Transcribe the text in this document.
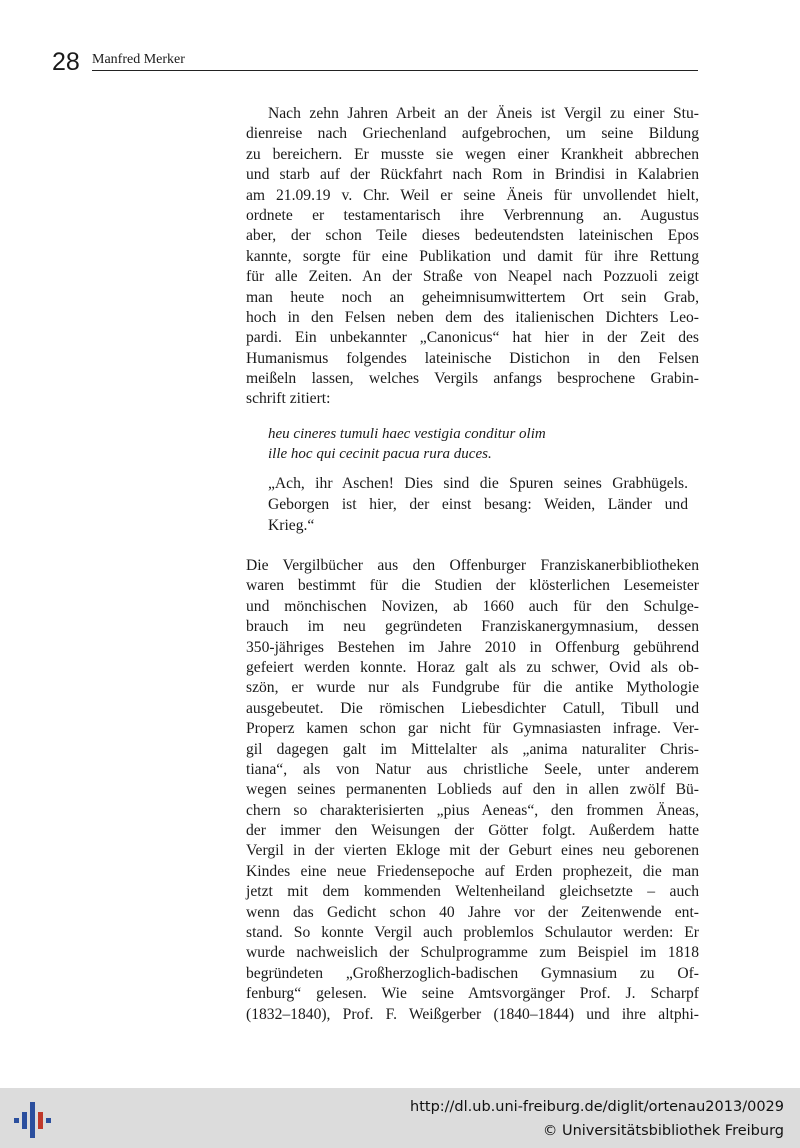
28 Manfred Merker
Nach zehn Jahren Arbeit an der Äneis ist Vergil zu einer Stu-
dienreise nach Griechenland aufgebrochen, um seine Bildung
zu bereichern. Er musste sie wegen einer Krankheit abbrechen
und starb auf der Rückfahrt nach Rom in Brindisi in Kalabrien
am 21.09.19 v. Chr. Weil er seine Äneis für unvollendet hielt,
ordnete er testamentarisch ihre Verbrennung an. Augustus
aber, der schon Teile dieses bedeutendsten lateinischen Epos
kannte, sorgte für eine Publikation und damit für ihre Rettung
für alle Zeiten. An der Straße von Neapel nach Pozzuoli zeigt
man heute noch an geheimnisumwittertem Ort sein Grab,
hoch in den Felsen neben dem des italienischen Dichters Leo-
pardi. Ein unbekannter „Canonicus“ hat hier in der Zeit des
Humanismus folgendes lateinische Distichon in den Felsen
meißeln lassen, welches Vergils anfangs besprochene Grabin-
schrift zitiert:
heu cineres tumuli haec vestigia conditur olim
ille hoc qui cecinit pacua rura duces.
„Ach, ihr Aschen! Dies sind die Spuren seines Grabhügels.
Geborgen ist hier, der einst besang: Weiden, Länder und
Krieg.“
Die Vergilbücher aus den Offenburger Franziskanerbibliotheken
waren bestimmt für die Studien der klösterlichen Lesemeister
und mönchischen Novizen, ab 1660 auch für den Schulge-
brauch im neu gegründeten Franziskanergymnasium, dessen
350-jähriges Bestehen im Jahre 2010 in Offenburg gebührend
gefeiert werden konnte. Horaz galt als zu schwer, Ovid als ob-
szön, er wurde nur als Fundgrube für die antike Mythologie
ausgebeutet. Die römischen Liebesdichter Catull, Tibull und
Properz kamen schon gar nicht für Gymnasiasten infrage. Ver-
gil dagegen galt im Mittelalter als „anima naturaliter Chris-
tiana“, als von Natur aus christliche Seele, unter anderem
wegen seines permanenten Loblieds auf den in allen zwölf Bü-
chern so charakterisierten „pius Aeneas“, den frommen Äneas,
der immer den Weisungen der Götter folgt. Außerdem hatte
Vergil in der vierten Ekloge mit der Geburt eines neu geborenen
Kindes eine neue Friedensepoche auf Erden prophezeit, die man
jetzt mit dem kommenden Weltenheiland gleichsetzte – auch
wenn das Gedicht schon 40 Jahre vor der Zeitenwende ent-
stand. So konnte Vergil auch problemlos Schulautor werden: Er
wurde nachweislich der Schulprogramme zum Beispiel im 1818
begründeten „Großherzoglich-badischen Gymnasium zu Of-
fenburg“ gelesen. Wie seine Amtsvorgänger Prof. J. Scharpf
(1832–1840), Prof. F. Weißgerber (1840–1844) und ihre altphi-
http://dl.ub.uni-freiburg.de/diglit/ortenau2013/0029
© Universitätsbibliothek Freiburg
